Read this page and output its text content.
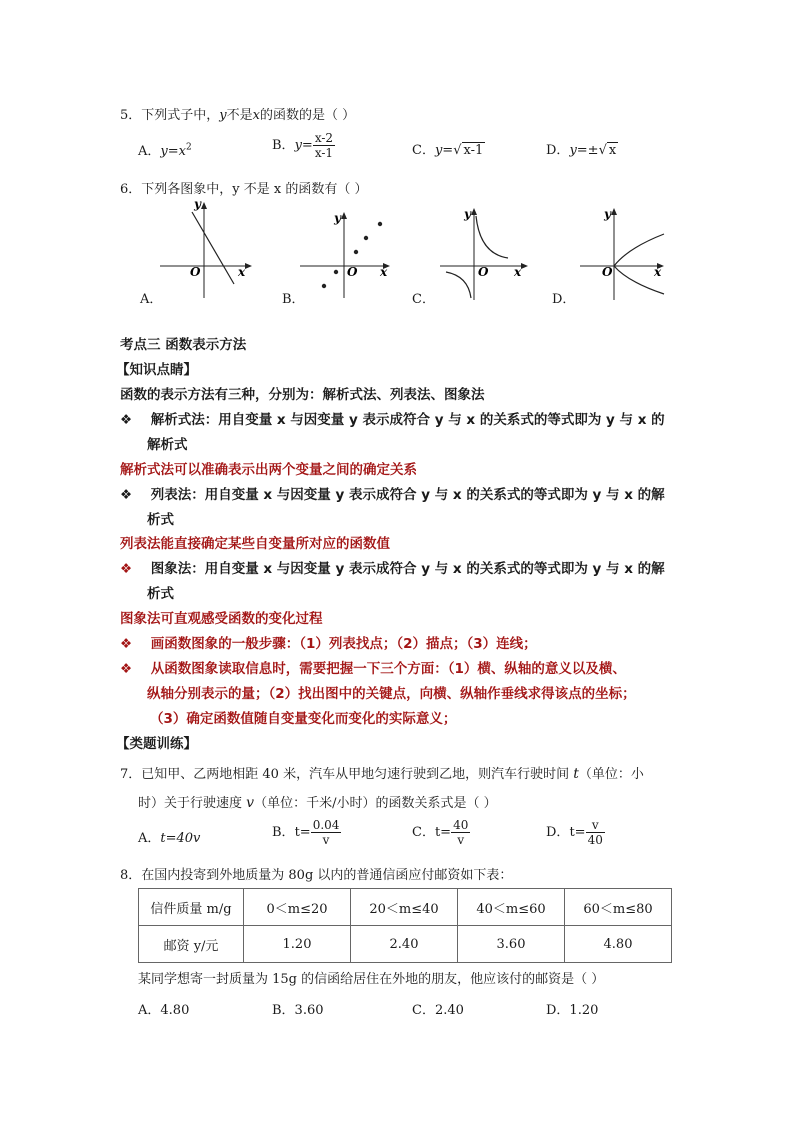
5．下列式子中，y不是x的函数的是（ ）
A．$y=x^2$	B．$y= \frac{x-2}{x-1}$	C．y=√ x-1	D．y=±√ x
6．下列各图象中，y 不是 x 的函数有（ ）
y
x
O
A．
y
x
O
B．
y
x
O
C．
y
x
O
D．
考点三 函数表示方法
【知识点睛】
函数的表示方法有三种，分别为：解析式法、列表法、图象法
❖ 解析式法：用自变量 x 与因变量 y 表示成符合 y 与 x 的关系式的等式即为 y 与 x 的
解析式
解析式法可以准确表示出两个变量之间的确定关系
❖ 列表法：用自变量 x 与因变量 y 表示成符合 y 与 x 的关系式的等式即为 y 与 x 的解
析式
列表法能直接确定某些自变量所对应的函数值
❖ 图象法：用自变量 x 与因变量 y 表示成符合 y 与 x 的关系式的等式即为 y 与 x 的解
析式
图象法可直观感受函数的变化过程
❖ 画函数图象的一般步骤：（1）列表找点；（2）描点；（3）连线；
❖ 从函数图象读取信息时，需要把握一下三个方面：（1）横、纵轴的意义以及横、
纵轴分别表示的量；（2）找出图中的关键点，向横、纵轴作垂线求得该点的坐标；
（3）确定函数值随自变量变化而变化的实际意义；
【类题训练】
7．已知甲、乙两地相距 40 米，汽车从甲地匀速行驶到乙地，则汽车行驶时间 t（单位：小
时）关于行驶速度 v（单位：千米/小时）的函数关系式是（ ）
A．t=40v	B．$t= \frac{0.04}{v}$	C．$t= \frac{40}{v}$	D．$t= \frac{v}{40}$
8．在国内投寄到外地质量为 80g 以内的普通信函应付邮资如下表：
信件质量 m/g	0＜m≤20	20＜m≤40	40＜m≤60	60＜m≤80
邮资 y/元	1.20	2.40	3.60	4.80
某同学想寄一封质量为 15g 的信函给居住在外地的朋友，他应该付的邮资是（ ）
A．4.80	B．3.60	C．2.40	D．1.20
